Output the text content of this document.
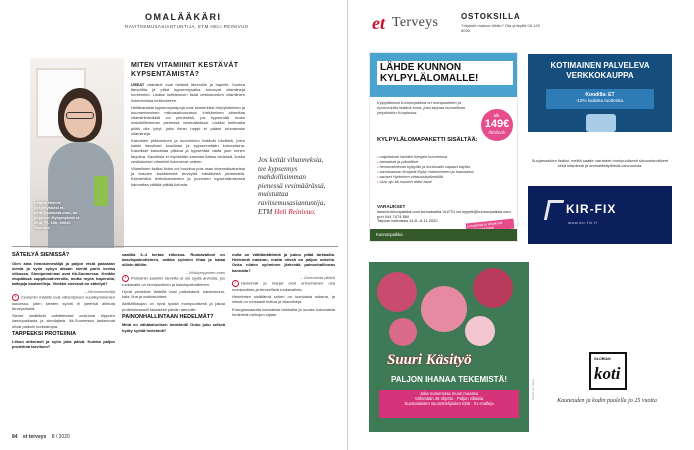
OMALÄÄKÄRI
RAVITSEMUSASIANTUNTIJA, ETM HELI REINIVUO
Lähetä Hellille kysymyksesi et-lehti@sanoma.com, tai kirjeitse: Kysymyksiä et-lehti, PL 100, 00040 Sanoma
MITEN VITAMIINIT KESTÄVÄT KYPSENTÄMISTÄ?

USEAT vitamiinit ovat herkkiä lämmölle ja hapelle. Korkea lämpötila ja pitkä kypsennysaika tuhoavat vitamiineja herkimmin. Lisäksi keittäminen lisää vesiliukoisten vitamiinien liukenemista keittoveteen.

Hellävaraisia kypsennystapoja ovat esimerkiksi höyryttäminen ja kuumentaminen mikroaaltouunissa. Keittäminen aiheuttaa vitamiinihävikkiä voi pienentää, jos kypsentää ruoan mahdollisimman pienessä vesimäärässä. Lisäksi keittoaika pitää olla lyhyt, jotta ilman happi ei pääse tuhoamaan vitamiineja.

Kasvisten pilkkominen ja kuoriminen lisäävät hävikkiä, joten kaikki kasvikset kuoritaan ja kypsennetään kokonaisina. Kasvikset kannattaa pilkkoa ja kypsentää vasta juuri ennen tarjoilua. Kasviksia ei myöskään kannata liottaa vedessä, koska vesiliukoiset vitamiinit liukenevat veteen.

Vitamiinien lisäksi liotus voi huuhtoa pois osan kivennäisaineista ja kasvien sisältämistä terveyttä edistävistä yhdisteistä. Esimerkiksi lehtivihannesten ja juuresten kypsentämisessä kannattaa välttää pitkää liotusta.

Jos keität vihanneksia, tee kypsennys mahdollisimman pienessä vesimäärässä, muistuttaa ravitsemusasiantuntija, ETM Heli Reinivuo.

SÄTEILYÄ SIENISSÄ?

Olen aina himosienestäjä ja paljon etsiä pakastan sieniä ja syön sykyn aikaan sieniä parin kertaa viikossa. Sienipoiminnat ovat itä-Suomessa. Kerään etupäässä suppilovahveroita, mutta myös haperoita, tattejaja kantarelleja. Vieläkö sienissä on säteilyä?

– Himosienestäjä

› Cesiumin määrät ovat vähentyneet vuosikymmenien kuluessa, joten sienten syönti ei yleensä aiheuta terveysriskiä.

Sienet sisältävät vaihtelevasti cesiumia riippuen kasvupaikasta ja sienilajista. Itä-Suomessa laskeumat olivat paikoin korkeampia.

TARPEEKSI PROTEIINIA

Liikun ahkerasti ja syön joka päivä. Kuinka paljon proteiinia tarvitsen?

saalilla 3–4 kertaa viikossa. Ruokavalioni on kasvispainotteinen, vaikka syönkin lihaa ja kalaa silloin tällöin.

– Viisikymppinen mies

› Proteiinin saannin tarvetta ei ole syytä arvioida, jos ruokavalio on monipuolinen ja kasvispainotteinen.

Hyviä proteiinin lähteitä ovat palkokasvit, kananmuna, kala, liha ja maitotuotteet.

Aktiiviliikkujan on hyvä syödä monipuolisesti ja jakaa proteiininsaanti tasaisesti päivän aterioille.

PAINONHALLINTAAN HEDELMÄT?

Minä en vähäkaloriisen hedelmiä! Onko joku selkeä hyöty syödä hedelmiä?

nulla on välttämättömiä ja paino pitää tarkkailla. Hedelmiä maistuu, mutta niissä on paljon sokeria. Onko niiden syöminen järkevää painonhallinnan kannalta?

– Omenoista pitävä

› Hedelmät ja marjat ovat erinomainen osa monipuolista ja terveellistä ruokavaliota.

Hedelmien sisältämä sokeri on luontaista sokeria, ja niissä on runsaasti kuitua ja vitamiineja.

Energiansaantia kannattaa tarkkailla ja suosia kokonaisia hedelmiä mehujen sijaan.

84 et terveys 8 / 2020
et Terveys	OSTOKSILLA
Yritykset mainos tähän? Ota yhteyttä 09-120 5090.
LÄHDE KUNNON KYLPYLÄLOMALLE!
Kylpylälomat Kunnonpaikka on monipuolinen ja hyvinvointia lisäävä loma, joka tarjoaa kunnollisen ympäristön Kuopiossa.
alk.
149€
/hlö/2vrk
KYLPYLÄLOMAPAKETTI SISÄLTÄÄ:
• majoitukset kahden hengen huoneessa
• aamiaiset ja päivälliset
• hemmottelevan kylpylän ja kuntosalin vapaan käytön
• sanoisaunan lempeät löylyt maisemineen ja laavutaloa
• sauiset Hydrohen virtauskäytännöillä
• Uusi ajo tai muuten aidot asiat
VARAUKSET
www.kunnonpaikka.com tunnuksella VLETU tai myynti@kunnonpaikka.com puh 044 7474 560
Tarjous voimassa 14.8.–6.11.2020
Lomalahjat ja lahjakortit
Kunnonpaikka
KOTIMAINEN PALVELEVA VERKKOKAUPPA
Koodilla: ET
-10% kaikista tuotteista.
Suojamaskien lisäksi, meiltä saatte varusteet monipuolisesti siivoustarvikkeet sekä käsidesiä ja ammattikäyttöisiä vahvuuksia.
KIR-FIX
www.kir-fix.fi
Suuri Käsityö
PALJON IHANAA TEKEMISTÄ!
Joka numerossa muun muassa
Vähintään 45 ohjetta · Paljon villaisia
Suomalaisten suunnittelijoiden töitä · XL-malleja
GLORIAN
koti
Kauneuden ja kodin puolella jo 25 vuotta
Kuvat: ks. Sivut
